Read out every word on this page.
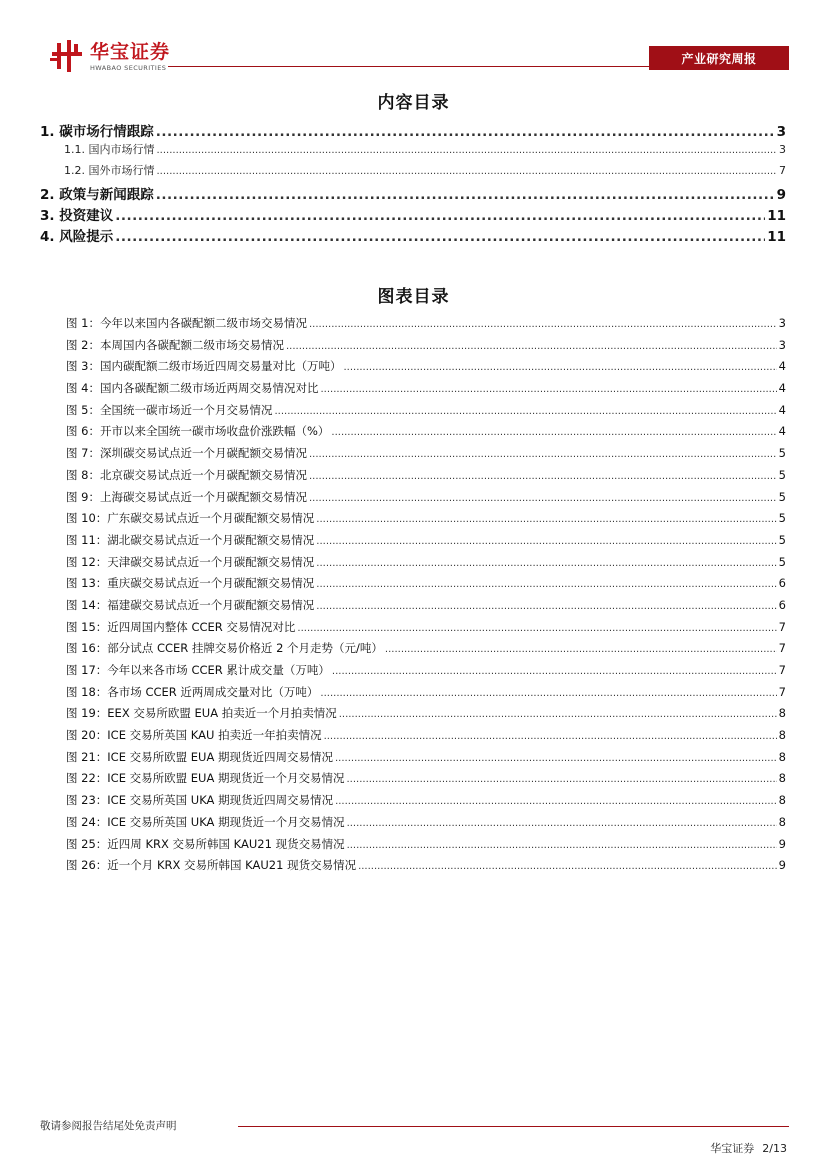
华宝证券
HWABAO SECURITIES
产业研究周报
内容目录
1. 碳市场行情跟踪 .....	3
1.1. 国内市场行情 .....	3
1.2. 国外市场行情 .....	7
2. 政策与新闻跟踪 .....	9
3. 投资建议 .....	11
4. 风险提示 .....	11
图表目录
图 1：今年以来国内各碳配额二级市场交易情况 .....	3
图 2：本周国内各碳配额二级市场交易情况 .....	3
图 3：国内碳配额二级市场近四周交易量对比（万吨） .....	4
图 4：国内各碳配额二级市场近两周交易情况对比 .....	4
图 5：全国统一碳市场近一个月交易情况 .....	4
图 6：开市以来全国统一碳市场收盘价涨跌幅（%） .....	4
图 7：深圳碳交易试点近一个月碳配额交易情况 .....	5
图 8：北京碳交易试点近一个月碳配额交易情况 .....	5
图 9：上海碳交易试点近一个月碳配额交易情况 .....	5
图 10：广东碳交易试点近一个月碳配额交易情况 .....	5
图 11：湖北碳交易试点近一个月碳配额交易情况 .....	5
图 12：天津碳交易试点近一个月碳配额交易情况 .....	5
图 13：重庆碳交易试点近一个月碳配额交易情况 .....	6
图 14：福建碳交易试点近一个月碳配额交易情况 .....	6
图 15：近四周国内整体 CCER 交易情况对比 .....	7
图 16：部分试点 CCER 挂牌交易价格近 2 个月走势（元/吨） .....	7
图 17：今年以来各市场 CCER 累计成交量（万吨） .....	7
图 18：各市场 CCER 近两周成交量对比（万吨） .....	7
图 19：EEX 交易所欧盟 EUA 拍卖近一个月拍卖情况 .....	8
图 20：ICE 交易所英国 KAU 拍卖近一年拍卖情况 .....	8
图 21：ICE 交易所欧盟 EUA 期现货近四周交易情况 .....	8
图 22：ICE 交易所欧盟 EUA 期现货近一个月交易情况 .....	8
图 23：ICE 交易所英国 UKA 期现货近四周交易情况 .....	8
图 24：ICE 交易所英国 UKA 期现货近一个月交易情况 .....	8
图 25：近四周 KRX 交易所韩国 KAU21 现货交易情况 .....	9
图 26：近一个月 KRX 交易所韩国 KAU21 现货交易情况 .....	9
敬请参阅报告结尾处免责声明
华宝证券 2/13
